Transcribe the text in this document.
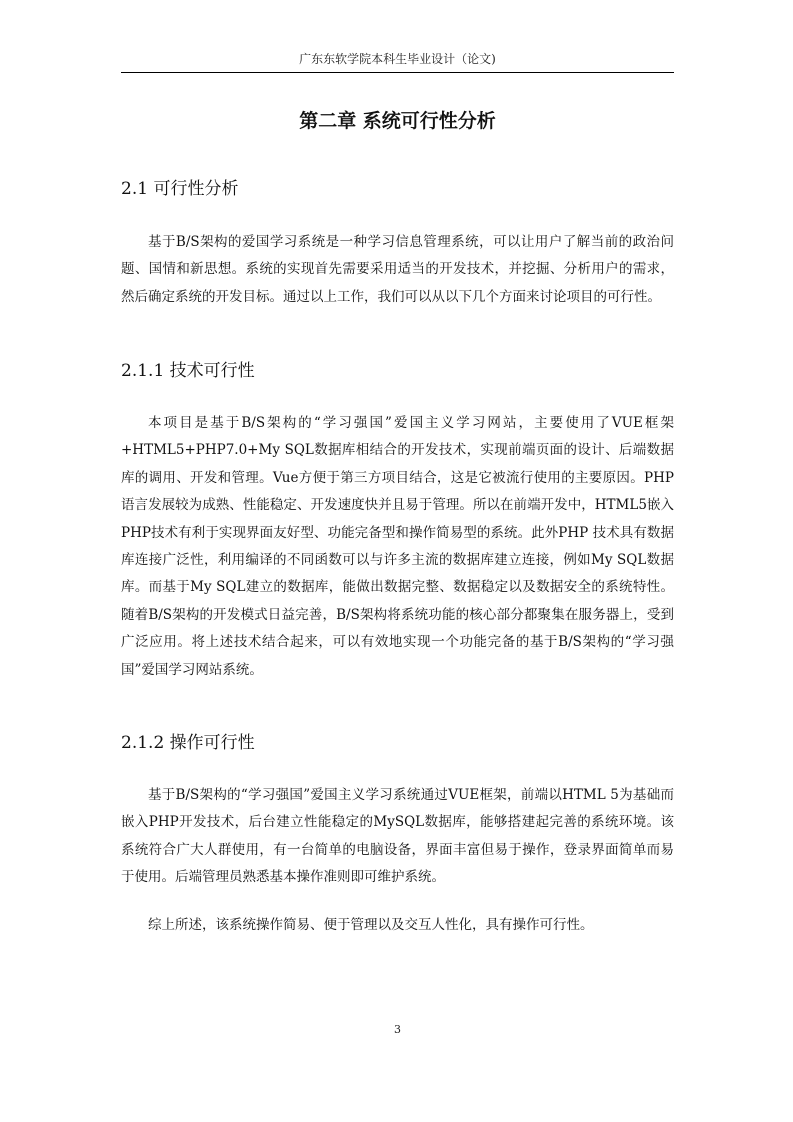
广东东软学院本科生毕业设计（论文)
第二章 系统可行性分析
2.1 可行性分析

基于B/S架构的爱国学习系统是一种学习信息管理系统，可以让用户了解当前的政治问题、国情和新思想。系统的实现首先需要采用适当的开发技术，并挖掘、分析用户的需求，然后确定系统的开发目标。通过以上工作，我们可以从以下几个方面来讨论项目的可行性。

2.1.1 技术可行性

本项目是基于B/S架构的“学习强国”爱国主义学习网站，主要使用了VUE框架+HTML5+PHP7.0+My SQL数据库相结合的开发技术，实现前端页面的设计、后端数据库的调用、开发和管理。Vue方便于第三方项目结合，这是它被流行使用的主要原因。PHP语言发展较为成熟、性能稳定、开发速度快并且易于管理。所以在前端开发中，HTML5嵌入PHP技术有利于实现界面友好型、功能完备型和操作简易型的系统。此外PHP 技术具有数据库连接广泛性，利用编译的不同函数可以与许多主流的数据库建立连接，例如My SQL数据库。而基于My SQL建立的数据库，能做出数据完整、数据稳定以及数据安全的系统特性。随着B/S架构的开发模式日益完善，B/S架构将系统功能的核心部分都聚集在服务器上，受到广泛应用。将上述技术结合起来，可以有效地实现一个功能完备的基于B/S架构的“学习强国”爱国学习网站系统。

2.1.2 操作可行性

基于B/S架构的“学习强国”爱国主义学习系统通过VUE框架，前端以HTML 5为基础而嵌入PHP开发技术，后台建立性能稳定的MySQL数据库，能够搭建起完善的系统环境。该系统符合广大人群使用，有一台简单的电脑设备，界面丰富但易于操作，登录界面简单而易于使用。后端管理员熟悉基本操作准则即可维护系统。

综上所述，该系统操作简易、便于管理以及交互人性化，具有操作可行性。

3
